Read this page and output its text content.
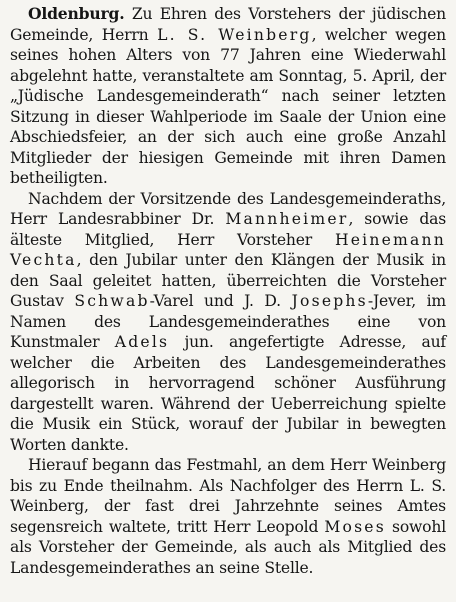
Oldenburg. Zu Ehren des Vorstehers der jüdischen Gemeinde, Herrn L. S. Weinberg, welcher wegen seines hohen Alters von 77 Jahren eine Wiederwahl abgelehnt hatte, veranstaltete am Sonntag, 5. April, der „Jüdische Landesgemeinderath“ nach seiner letzten Sitzung in dieser Wahlperiode im Saale der Union eine Abschiedsfeier, an der sich auch eine große Anzahl Mitglieder der hiesigen Gemeinde mit ihren Damen betheiligten.

Nachdem der Vorsitzende des Landesgemeinderaths, Herr Landesrabbiner Dr. Mannheimer, sowie das älteste Mitglied, Herr Vorsteher Heinemann Vechta, den Jubilar unter den Klängen der Musik in den Saal geleitet hatten, überreichten die Vorsteher Gustav Schwab-Varel und J. D. Josephs-Jever, im Namen des Landesgemeinderathes eine von Kunstmaler Adels jun. angefertigte Adresse, auf welcher die Arbeiten des Landesgemeinderathes allegorisch in hervorragend schöner Ausführung dargestellt waren. Während der Ueberreichung spielte die Musik ein Stück, worauf der Jubilar in bewegten Worten dankte.

Hierauf begann das Festmahl, an dem Herr Weinberg bis zu Ende theilnahm. Als Nachfolger des Herrn L. S. Weinberg, der fast drei Jahrzehnte seines Amtes segensreich waltete, tritt Herr Leopold Moses sowohl als Vorsteher der Gemeinde, als auch als Mitglied des Landesgemeinderathes an seine Stelle.
